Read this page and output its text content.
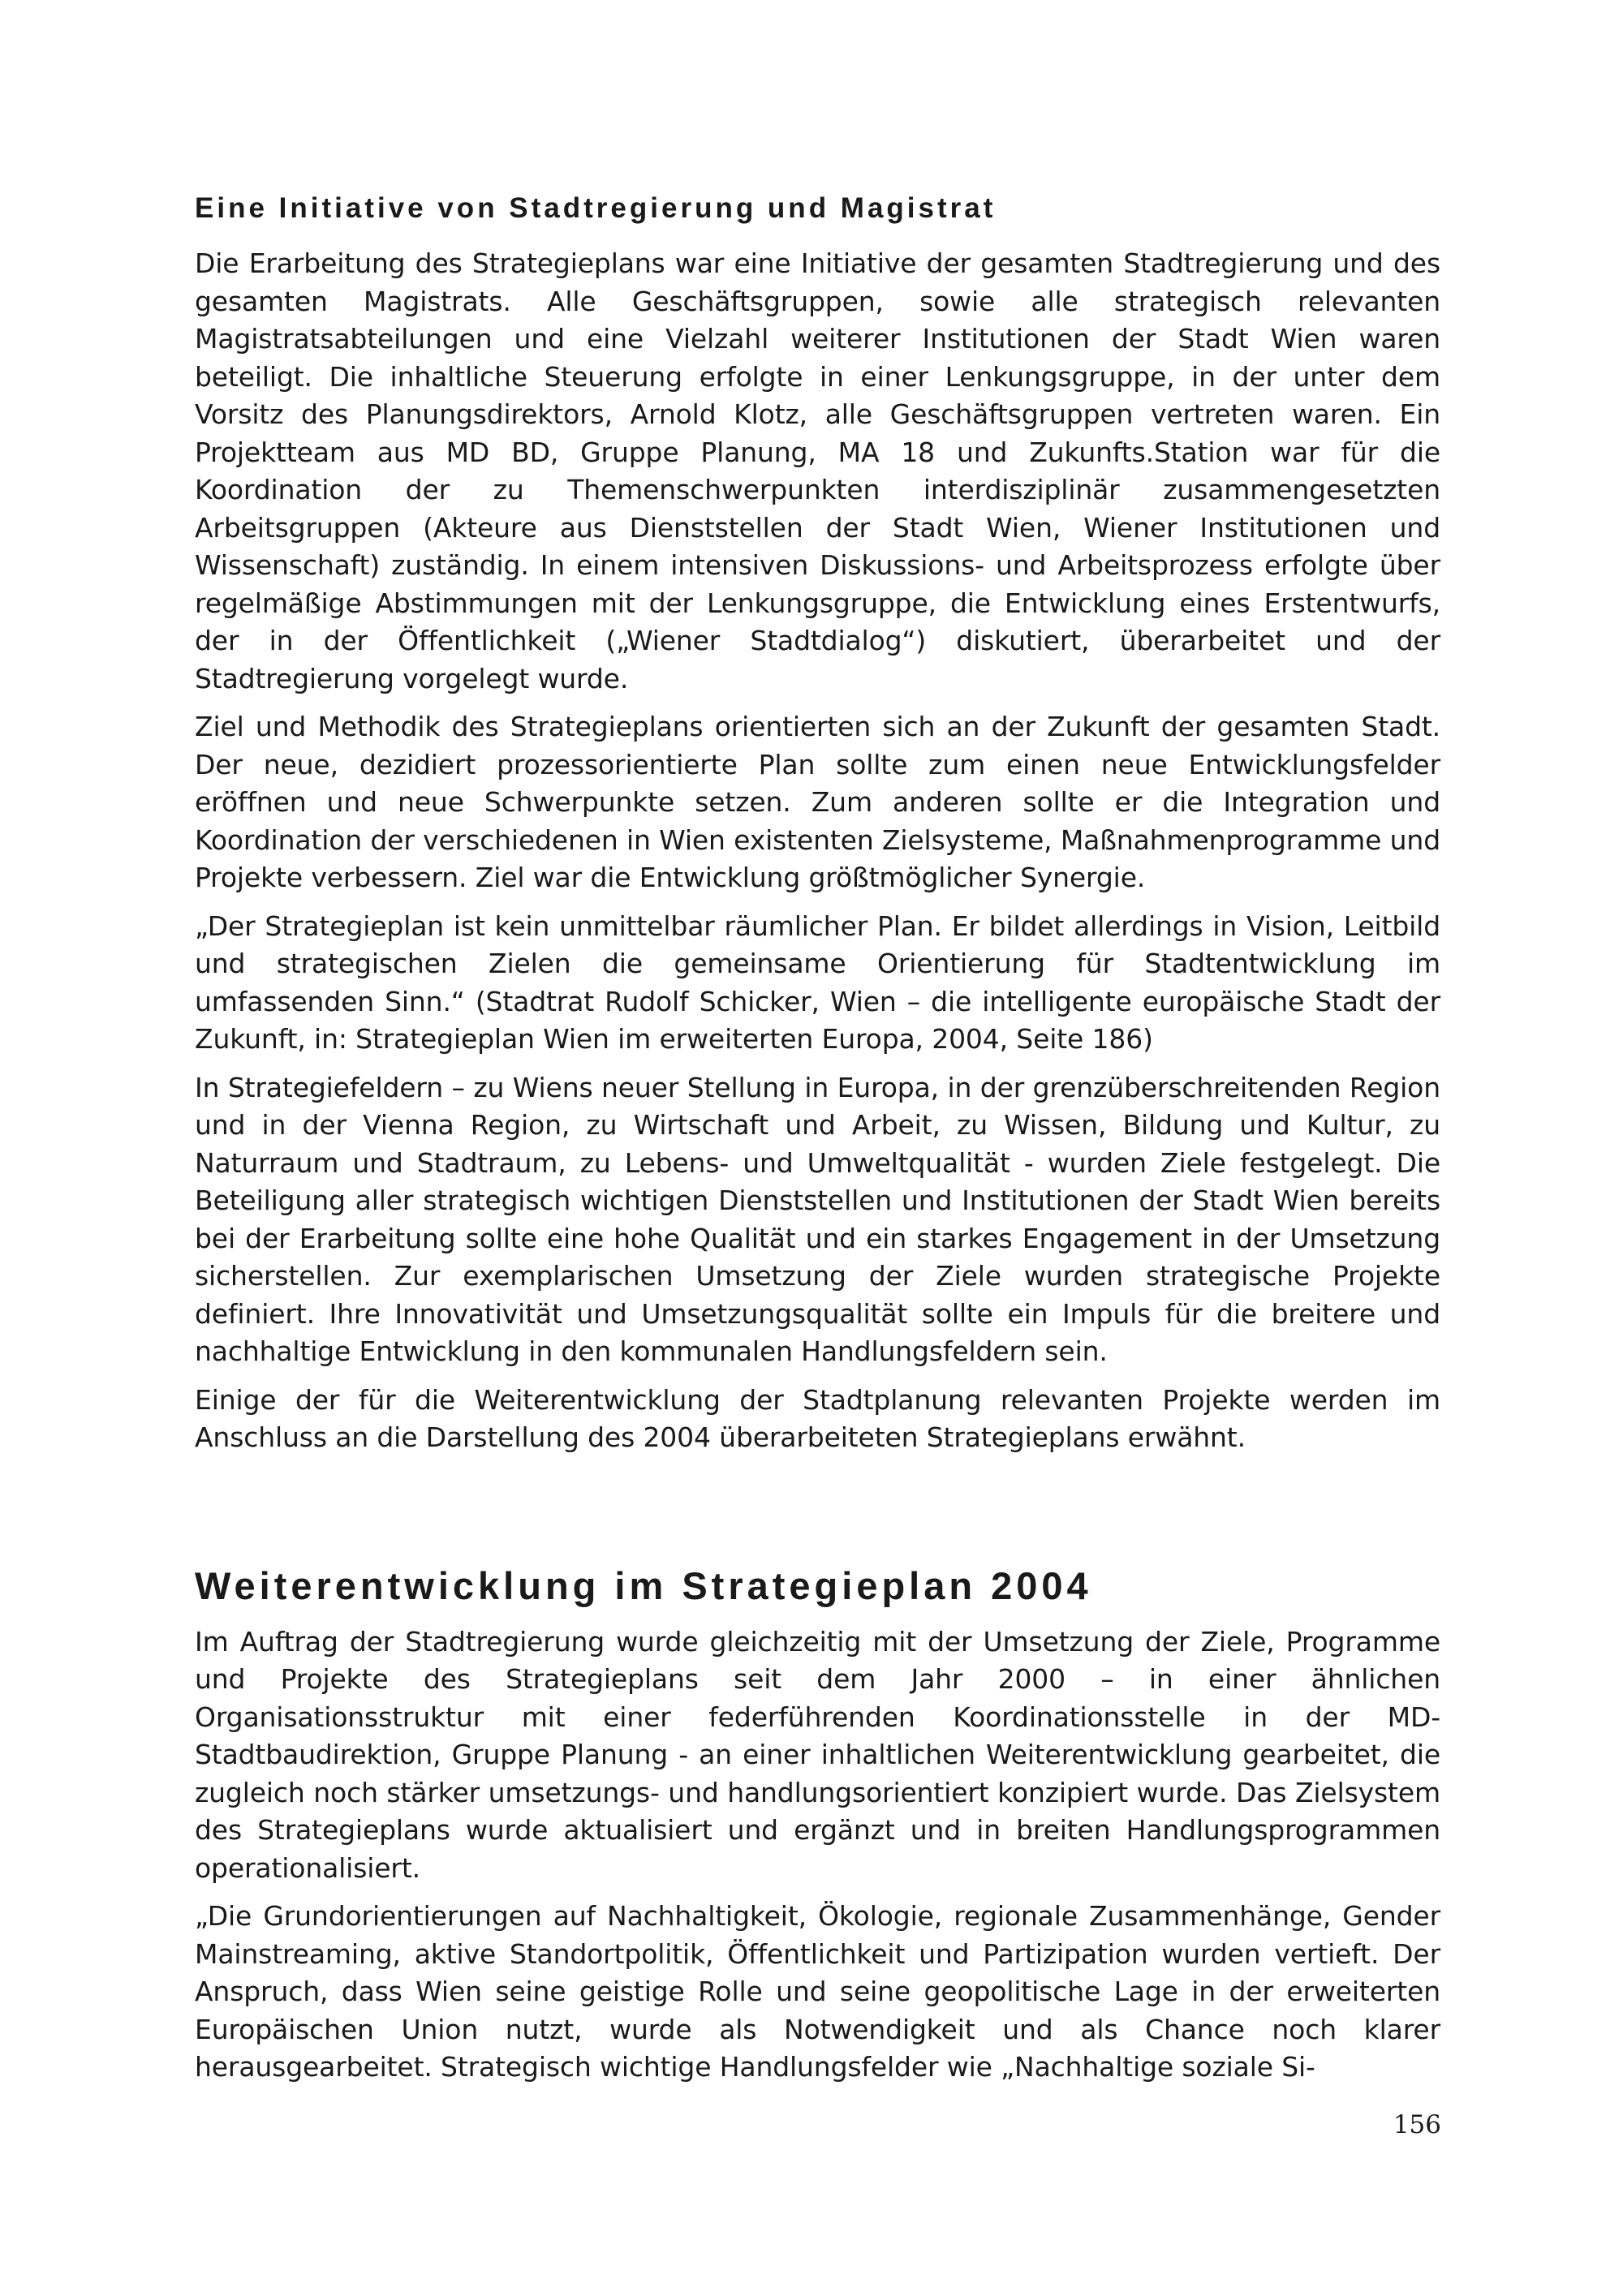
Eine Initiative von Stadtregierung und Magistrat

Die Erarbeitung des Strategieplans war eine Initiative der gesamten Stadtregierung und des gesamten Magistrats. Alle Geschäftsgruppen, sowie alle strategisch relevanten Magistratsabteilungen und eine Vielzahl weiterer Institutionen der Stadt Wien waren beteiligt. Die inhaltliche Steuerung erfolgte in einer Lenkungsgruppe, in der unter dem Vorsitz des Planungsdirektors, Arnold Klotz, alle Geschäftsgruppen vertreten waren. Ein Projektteam aus MD BD, Gruppe Planung, MA 18 und Zukunfts.Station war für die Koordination der zu Themenschwerpunkten interdisziplinär zusammengesetzten Arbeitsgruppen (Akteure aus Dienststellen der Stadt Wien, Wiener Institutionen und Wissenschaft) zuständig. In einem intensiven Diskussions- und Arbeitsprozess erfolgte über regelmäßige Abstimmungen mit der Lenkungsgruppe, die Entwicklung eines Erstentwurfs, der in der Öffentlichkeit („Wiener Stadtdialog“) diskutiert, überarbeitet und der Stadtregierung vorgelegt wurde.

Ziel und Methodik des Strategieplans orientierten sich an der Zukunft der gesamten Stadt. Der neue, dezidiert prozessorientierte Plan sollte zum einen neue Entwicklungsfelder eröffnen und neue Schwerpunkte setzen. Zum anderen sollte er die Integration und Koordination der verschiedenen in Wien existenten Zielsysteme, Maßnahmenprogramme und Projekte verbessern. Ziel war die Entwicklung größtmöglicher Synergie.

„Der Strategieplan ist kein unmittelbar räumlicher Plan. Er bildet allerdings in Vision, Leitbild und strategischen Zielen die gemeinsame Orientierung für Stadtentwicklung im umfassenden Sinn.“ (Stadtrat Rudolf Schicker, Wien – die intelligente europäische Stadt der Zukunft, in: Strategieplan Wien im erweiterten Europa, 2004, Seite 186)

In Strategiefeldern – zu Wiens neuer Stellung in Europa, in der grenzüberschreitenden Region und in der Vienna Region, zu Wirtschaft und Arbeit, zu Wissen, Bildung und Kultur, zu Naturraum und Stadtraum, zu Lebens- und Umweltqualität - wurden Ziele festgelegt. Die Beteiligung aller strategisch wichtigen Dienststellen und Institutionen der Stadt Wien bereits bei der Erarbeitung sollte eine hohe Qualität und ein starkes Engagement in der Umsetzung sicherstellen. Zur exemplarischen Umsetzung der Ziele wurden strategische Projekte definiert. Ihre Innovativität und Umsetzungsqualität sollte ein Impuls für die breitere und nachhaltige Entwicklung in den kommunalen Handlungsfeldern sein.

Einige der für die Weiterentwicklung der Stadtplanung relevanten Projekte werden im Anschluss an die Darstellung des 2004 überarbeiteten Strategieplans erwähnt.

Weiterentwicklung im Strategieplan 2004

Im Auftrag der Stadtregierung wurde gleichzeitig mit der Umsetzung der Ziele, Programme und Projekte des Strategieplans seit dem Jahr 2000 – in einer ähnlichen Organisationsstruktur mit einer federführenden Koordinationsstelle in der MD-Stadtbaudirektion, Gruppe Planung - an einer inhaltlichen Weiterentwicklung gearbeitet, die zugleich noch stärker umsetzungs- und handlungsorientiert konzipiert wurde. Das Zielsystem des Strategieplans wurde aktualisiert und ergänzt und in breiten Handlungsprogrammen operationalisiert.

„Die Grundorientierungen auf Nachhaltigkeit, Ökologie, regionale Zusammenhänge, Gender Mainstreaming, aktive Standortpolitik, Öffentlichkeit und Partizipation wurden vertieft. Der Anspruch, dass Wien seine geistige Rolle und seine geopolitische Lage in der erweiterten Europäischen Union nutzt, wurde als Notwendigkeit und als Chance noch klarer herausgearbeitet. Strategisch wichtige Handlungsfelder wie „Nachhaltige soziale Si-

156
